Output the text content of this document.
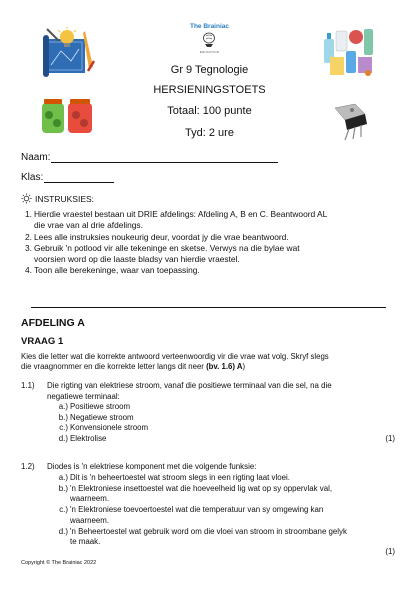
The Brainiac
EDUCATION
Gr 9 Tegnologie
HERSIENINGSTOETS
Totaal: 100 punte
Tyd: 2 ure
Naam:
Klas:
INSTRUKSIES:
1. Hierdie vraestel bestaan uit DRIE afdelings: Afdeling A, B en C. Beantwoord AL
die vrae van al drie afdelings.
2. Lees alle instruksies noukeurig deur, voordat jy die vrae beantwoord.
3. Gebruik 'n potlood vir alle tekeninge en sketse. Verwys na die bylae wat
voorsien word op die laaste bladsy van hierdie vraestel.
4. Toon alle berekeninge, waar van toepassing.
AFDELING A
VRAAG 1
Kies die letter wat die korrekte antwoord verteenwoordig vir die vrae wat volg. Skryf slegs
die vraagnommer en die korrekte letter langs dit neer (bv. 1.6) A)
1.1) Die rigting van elektriese stroom, vanaf die positiewe terminaal van die sel, na die
negatiewe terminaal:
a.) Positiewe stroom
b.) Negatiewe stroom
c.) Konvensionele stroom
d.) Elektrolise	(1)
1.2) Diodes is 'n elektriese komponent met die volgende funksie:
a.) Dit is 'n beheertoestel wat stroom slegs in een rigting laat vloei.
b.) 'n Elektroniese insettoestel wat die hoeveelheid lig wat op sy oppervlak val,
waarneem.
c.) 'n Elektroniese toevoertoestel wat die temperatuur van sy omgewing kan
waarneem.
d.) 'n Beheertoestel wat gebruik word om die vloei van stroom in stroombane gelyk
te maak.
(1)
Copyright © The Brainiac 2022
